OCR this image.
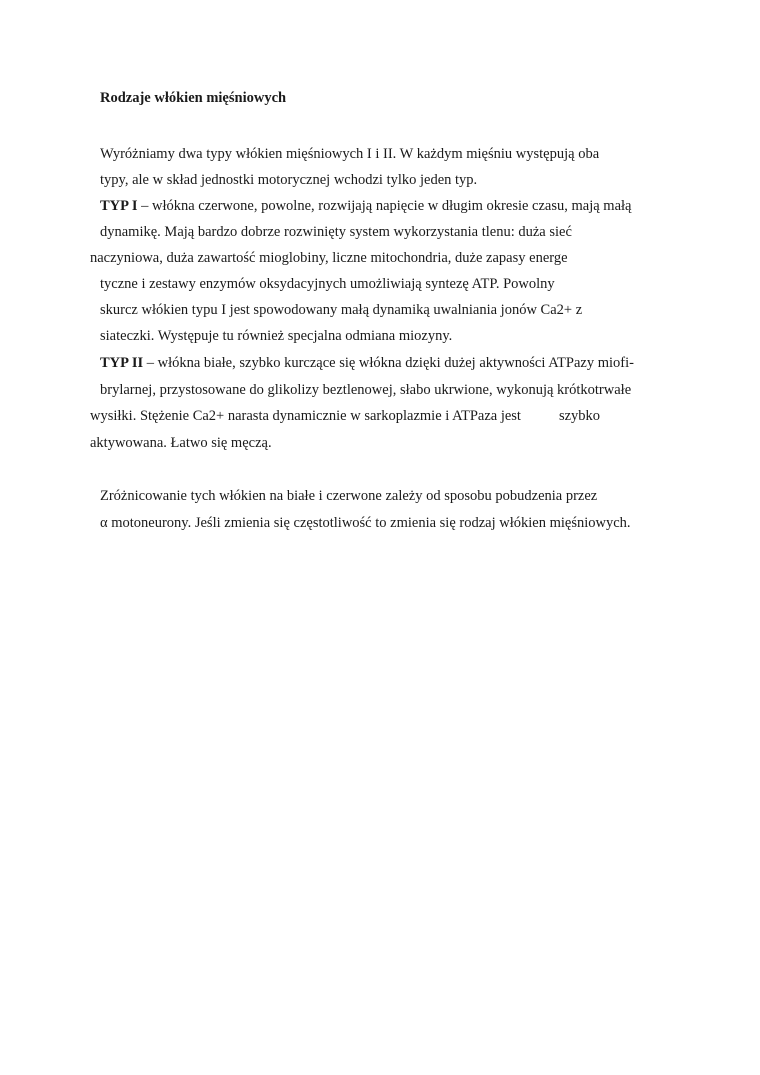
Rodzaje włókien mięśniowych
Wyróżniamy dwa typy włókien mięśniowych I i II. W każdym mięśniu występują oba
typy, ale w skład jednostki motorycznej wchodzi tylko jeden typ.
TYP I – włókna czerwone, powolne, rozwijają napięcie w długim okresie czasu, mają małą
dynamikę. Mają bardzo dobrze rozwinięty system wykorzystania tlenu: duża sieć
naczyniowa, duża zawartość mioglobiny, liczne mitochondria, duże zapasy energe
tyczne i zestawy enzymów oksydacyjnych umożliwiają syntezę ATP. Powolny
skurcz włókien typu I jest spowodowany małą dynamiką uwalniania jonów Ca2+ z
siateczki. Występuje tu również specjalna odmiana miozyny.
TYP II – włókna białe, szybko kurczące się włókna dzięki dużej aktywności ATPazy miofi-
brylarnej, przystosowane do glikolizy beztlenowej, słabo ukrwione, wykonują krótkotrwałe
wysiłki. Stężenie Ca2+ narasta dynamicznie w sarkoplazmie i ATPaza jest	szybko
aktywowana. Łatwo się męczą.
Zróżnicowanie tych włókien na białe i czerwone zależy od sposobu pobudzenia przez
α motoneurony. Jeśli zmienia się częstotliwość to zmienia się rodzaj włókien mięśniowych.
